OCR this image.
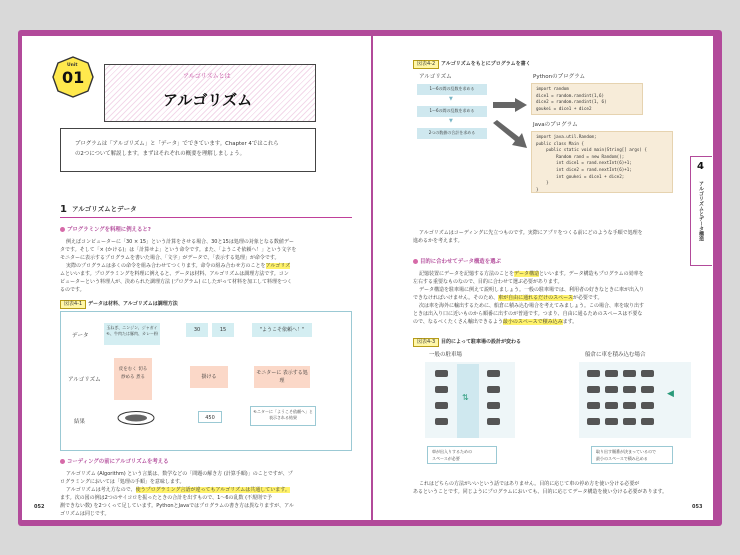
Unit
01	アルゴリズムとは
アルゴリズム
プログラムは「アルゴリズム」と「データ」でできています。Chapter 4ではこれら
の2つについて解説します。まずはそれぞれの概要を理解しましょう。
1 アルゴリズムとデータ
プログラミングを料理に例えると?
例えばコンピューターに「30 × 15」という計算をさせる場合、30と15は処理の対象となる数値デー
タです。そして「× (かける)」は「計算せよ」という命令です。また、「ようこそ依頼へ！」という文字を
モニターに表示するプログラムを書いた場合、「文字」がデータで、「表示する処理」が命令です。
実際のプログラムは多くの命令を組み合わせてつくります。命令の組み合わせ方のことをアルゴリズ
ムといいます。プログラミングを料理に例えると、データは材料、アルゴリズムは調理方法です。コン
ピューターという料理人が、決められた調理方法 (プログラム) にしたがって材料を加工して料理をつく
るのです。
図表4-1	データは材料、アルゴリズムは調理方法
データ
アルゴリズム
結果
玉ねぎ、ニンジン、ジャガイモ、牛肉たは豚肉、カレー粉	30	15	"ようこそ依頼へ！"
皮をむく 切る 炒める 煮る	掛ける
モニターに 表示する処理
450
モニターに「ようこそ依頼へ」と 表示される結果
コーディングの前にアルゴリズムを考える
アルゴリズム (Algorithm) という言葉は、数学などの「問題の解き方 (計算手順)」のことですが、プ
ログラミングにおいては「処理の手順」を意味します。
アルゴリズムは考え方なので、使うプログラミング言語が違ってもアルゴリズムは共通しています。
ます。次の図の例は2つのサイコロを振ったときの合計を出すもので、1〜6の乱数 (不規則で予
測できない数) を2つくって足しています。PythonとJavaではプログラムの書き方は異なりますが、アル
ゴリズムは同じです。
052
図表4-2	アルゴリズムをもとにプログラムを書く
アルゴリズム
1〜6の間の乱数を求める
▼
1〜6の間の乱数を求める
▼
2つの数値の合計を求める
Pythonのプログラム
import random
dice1 = random.randint(1,6)
dice2 = random.randint(1, 6)
goukei = dice1 + dice2
Javaのプログラム
import java.util.Random;
public class Main {
public static void main(String[] args) {
Random rand = new Random();
int dice1 = rand.nextInt(6)+1;
int dice2 = rand.nextInt(6)+1;
int goukei = dice1 + dice2;
}
}
アルゴリズムはコーディングに先立つものです。実際にアプリをつくる前にどのような手順で処理を
進めるかを考えます。
目的に合わせてデータ構造を選ぶ
記憶装置にデータを記憶する方法のことをデータ構造といいます。データ構造もプログラムの効率を
左右する重要なものなので、目的に合わせて選ぶ必要があります。
データ構造を駐車場に例えて説明しましょう。一般の駐車場では、利用者の好きなときに車が出入り
できなければいけません。そのため、車が自由に通れるだけのスペースが必要です。
次は車を海外に輸出するために、船倉に積み込む場合を考えてみましょう。この場合、車を取り出す
ときは出入り口に近いものから順番に出すのが普通です。つまり、自由に通るためのスペースは不要な
ので、なるべくたくさん輸出できるよう最小のスペースで積み込みます。
図表4-3	目的によって駐車場の設計が変わる
一般の駐車場	船倉に車を積み込む場合
⇅	◀
車が出入りするための
スペースが必要
取り出す順番が決まっているので
最小のスペースで積み込める
これはどちらの方法がいいという話ではありません。目的に応じて車の停め方を使い分ける必要が
あるということです。同じようにプログラムにおいても、目的に応じてデータ構造を使い分ける必要があります。
4
アルゴリズムとデータ構造
053
